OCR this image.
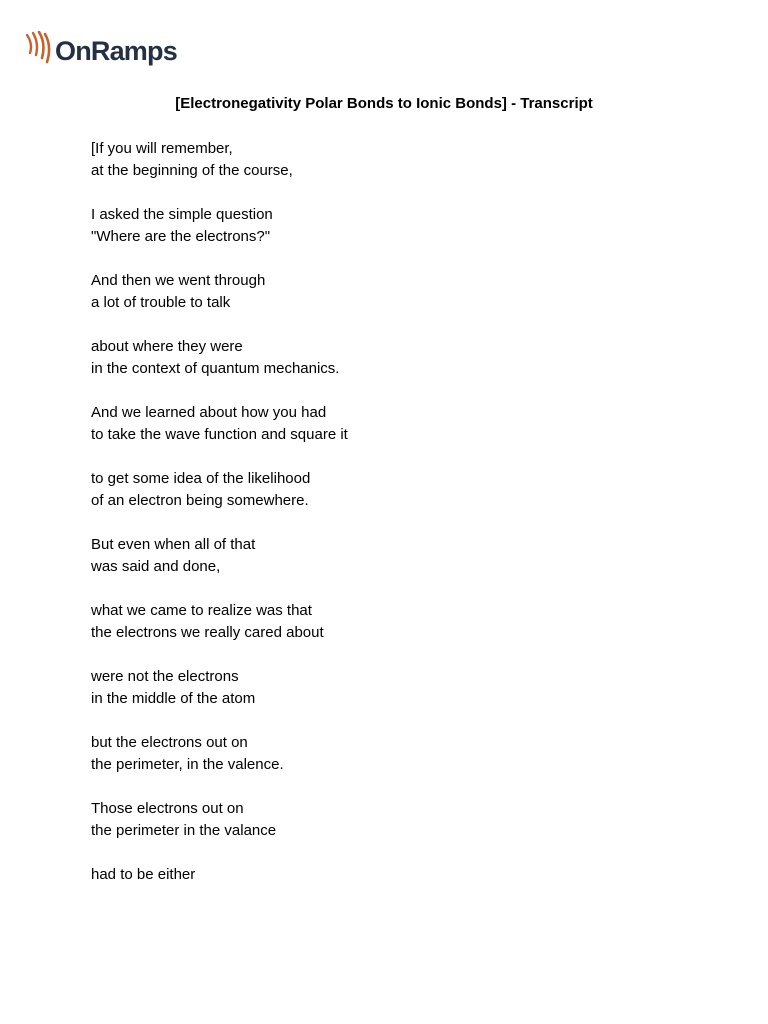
OnRamps
[Electronegativity Polar Bonds to Ionic Bonds] - Transcript
[If you will remember,
at the beginning of the course,
I asked the simple question
"Where are the electrons?"
And then we went through
a lot of trouble to talk
about where they were
in the context of quantum mechanics.
And we learned about how you had
to take the wave function and square it
to get some idea of the likelihood
of an electron being somewhere.
But even when all of that
was said and done,
what we came to realize was that
the electrons we really cared about
were not the electrons
in the middle of the atom
but the electrons out on
the perimeter, in the valence.
Those electrons out on
the perimeter in the valance
had to be either
